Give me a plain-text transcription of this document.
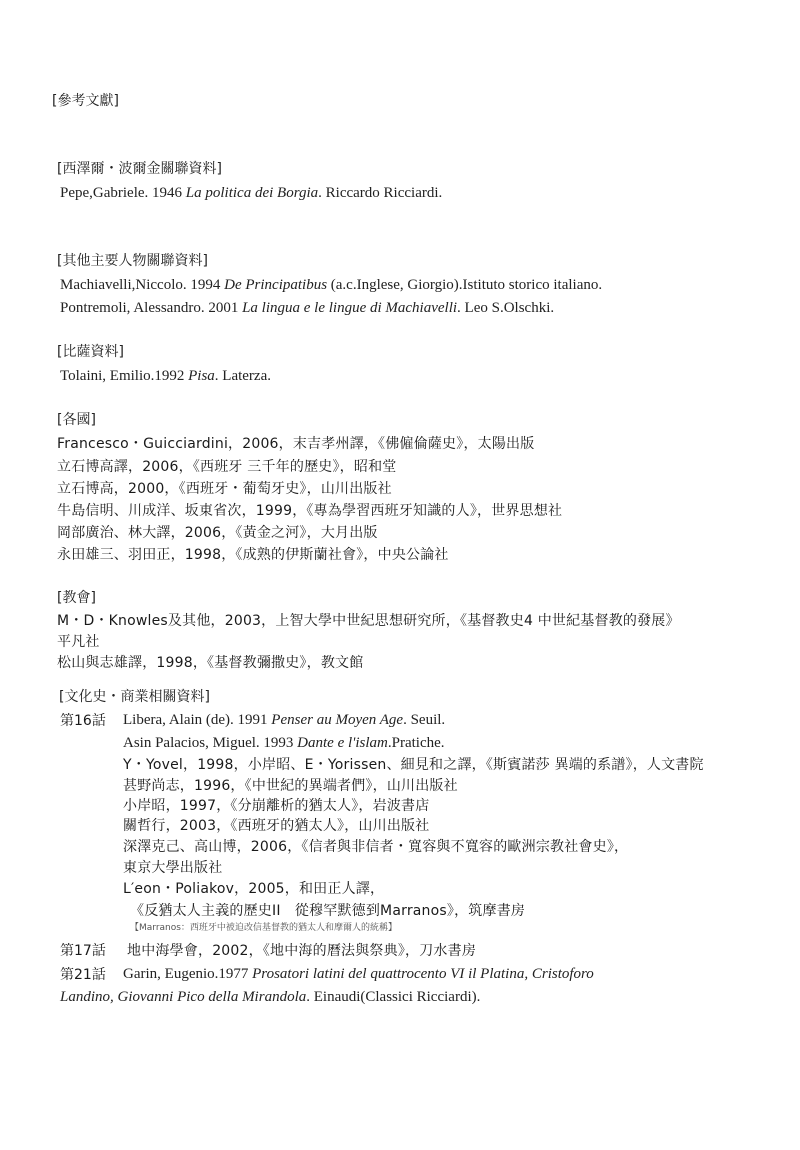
[參考文獻]
[西澤爾・波爾金關聯資料]
Pepe,Gabriele. 1946 La politica dei Borgia. Riccardo Ricciardi.
[其他主要人物關聯資料]
Machiavelli,Niccolo. 1994 De Principatibus (a.c.Inglese, Giorgio).Istituto storico italiano.
Pontremoli, Alessandro. 2001 La lingua e le lingue di Machiavelli. Leo S.Olschki.
[比薩資料]
Tolaini, Emilio.1992 Pisa. Laterza.
[各國]
Francesco・Guicciardini，2006，末吉孝州譯，《佛僱倫薩史》，太陽出版
立石博高譯，2006，《西班牙 三千年的歷史》，昭和堂
立石博高，2000，《西班牙・葡萄牙史》，山川出版社
牛島信明、川成洋、坂東省次，1999，《專為學習西班牙知識的人》，世界思想社
岡部廣治、林大譯，2006，《黃金之河》，大月出版
永田雄三、羽田正，1998，《成熟的伊斯蘭社會》，中央公論社
[教會]
M・D・Knowles及其他，2003，上智大學中世紀思想研究所，《基督教史4 中世紀基督教的發展》
平凡社
松山與志雄譯，1998，《基督教彌撒史》，教文館
[文化史・商業相關資料]
第16話 Libera, Alain (de). 1991 Penser au Moyen Age. Seuil.
Asin Palacios, Miguel. 1993 Dante e l'islam.Pratiche.
Y・Yovel，1998，小岸昭、E・Yorissen、細見和之譯，《斯賓諾莎 異端的系譜》，人文書院
甚野尚志，1996，《中世紀的異端者們》，山川出版社
小岸昭，1997，《分崩離析的猶太人》，岩波書店
關哲行，2003，《西班牙的猶太人》，山川出版社
深澤克己、高山博，2006，《信者與非信者・寬容與不寬容的歐洲宗教社會史》，
東京大學出版社
L′eon・Poliakov，2005，和田正人譯，
《反猶太人主義的歷史II　從穆罕默德到Marranos》，筑摩書房
【Marranos：西班牙中被迫改信基督教的猶太人和摩爾人的統稱】
第17話 地中海學會，2002，《地中海的曆法與祭典》，刀水書房
第21話 Garin, Eugenio.1977 Prosatori latini del quattrocento VI il Platina, Cristoforo
Landino, Giovanni Pico della Mirandola. Einaudi(Classici Ricciardi).
